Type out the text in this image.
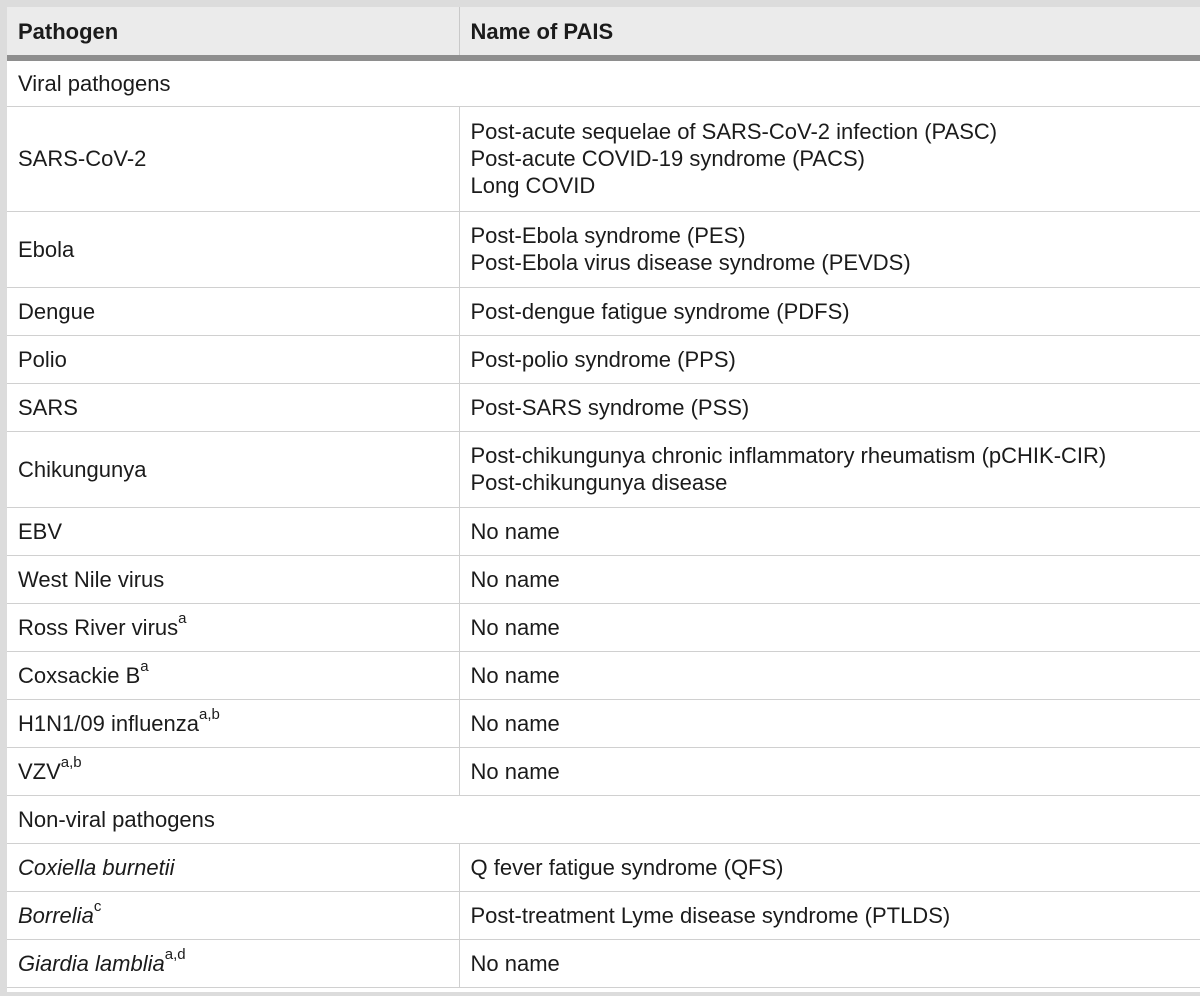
Pathogen	Name of PAIS
Viral pathogens	
SARS-CoV-2	Post-acute sequelae of SARS-CoV-2 infection (PASC)
Post-acute COVID-19 syndrome (PACS)
Long COVID

Ebola	Post-Ebola syndrome (PES)
Post-Ebola virus disease syndrome (PEVDS)

Dengue	Post-dengue fatigue syndrome (PDFS)
Polio	Post-polio syndrome (PPS)
SARS	Post-SARS syndrome (PSS)
Chikungunya	Post-chikungunya chronic inflammatory rheumatism (pCHIK-CIR)
Post-chikungunya disease

EBV	No name
West Nile virus	No name
Ross River virus$^a$	No name
Coxsackie $B^a$	No name
H1N1/09 influenza$^{a,b}$	No name
VZV$^{a,b}$	No name
Non-viral pathogens	
Coxiella burnetii	Q fever fatigue syndrome (QFS)
Borrelia$^c$	Post-treatment Lyme disease syndrome (PTLDS)
Giardia lamblia$^{a,d}$	No name
